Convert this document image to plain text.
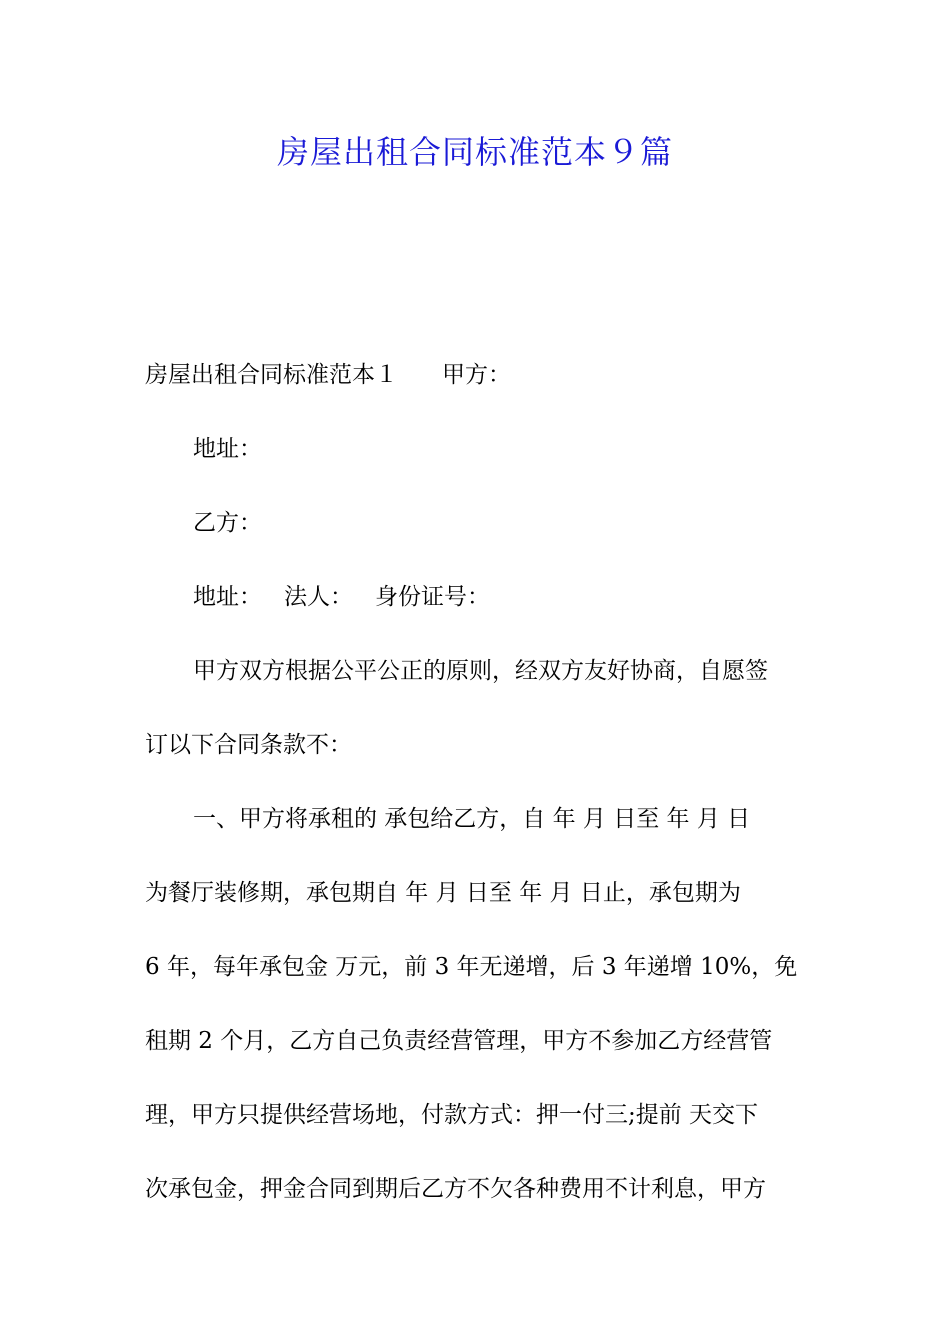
房屋出租合同标准范本９篇
房屋出租合同标准范本１ 甲方：
地址：
乙方：
地址： 法人： 身份证号：
甲方双方根据公平公正的原则，经双方友好协商，自愿签
订以下合同条款不：
一、甲方将承租的 承包给乙方，自 年 月 日至 年 月 日
为餐厅装修期，承包期自 年 月 日至 年 月 日止，承包期为
6 年，每年承包金 万元，前 3 年无递增，后 3 年递增 10%，免
租期 2 个月，乙方自己负责经营管理，甲方不参加乙方经营管
理，甲方只提供经营场地，付款方式：押一付三;提前 天交下
次承包金，押金合同到期后乙方不欠各种费用不计利息，甲方
